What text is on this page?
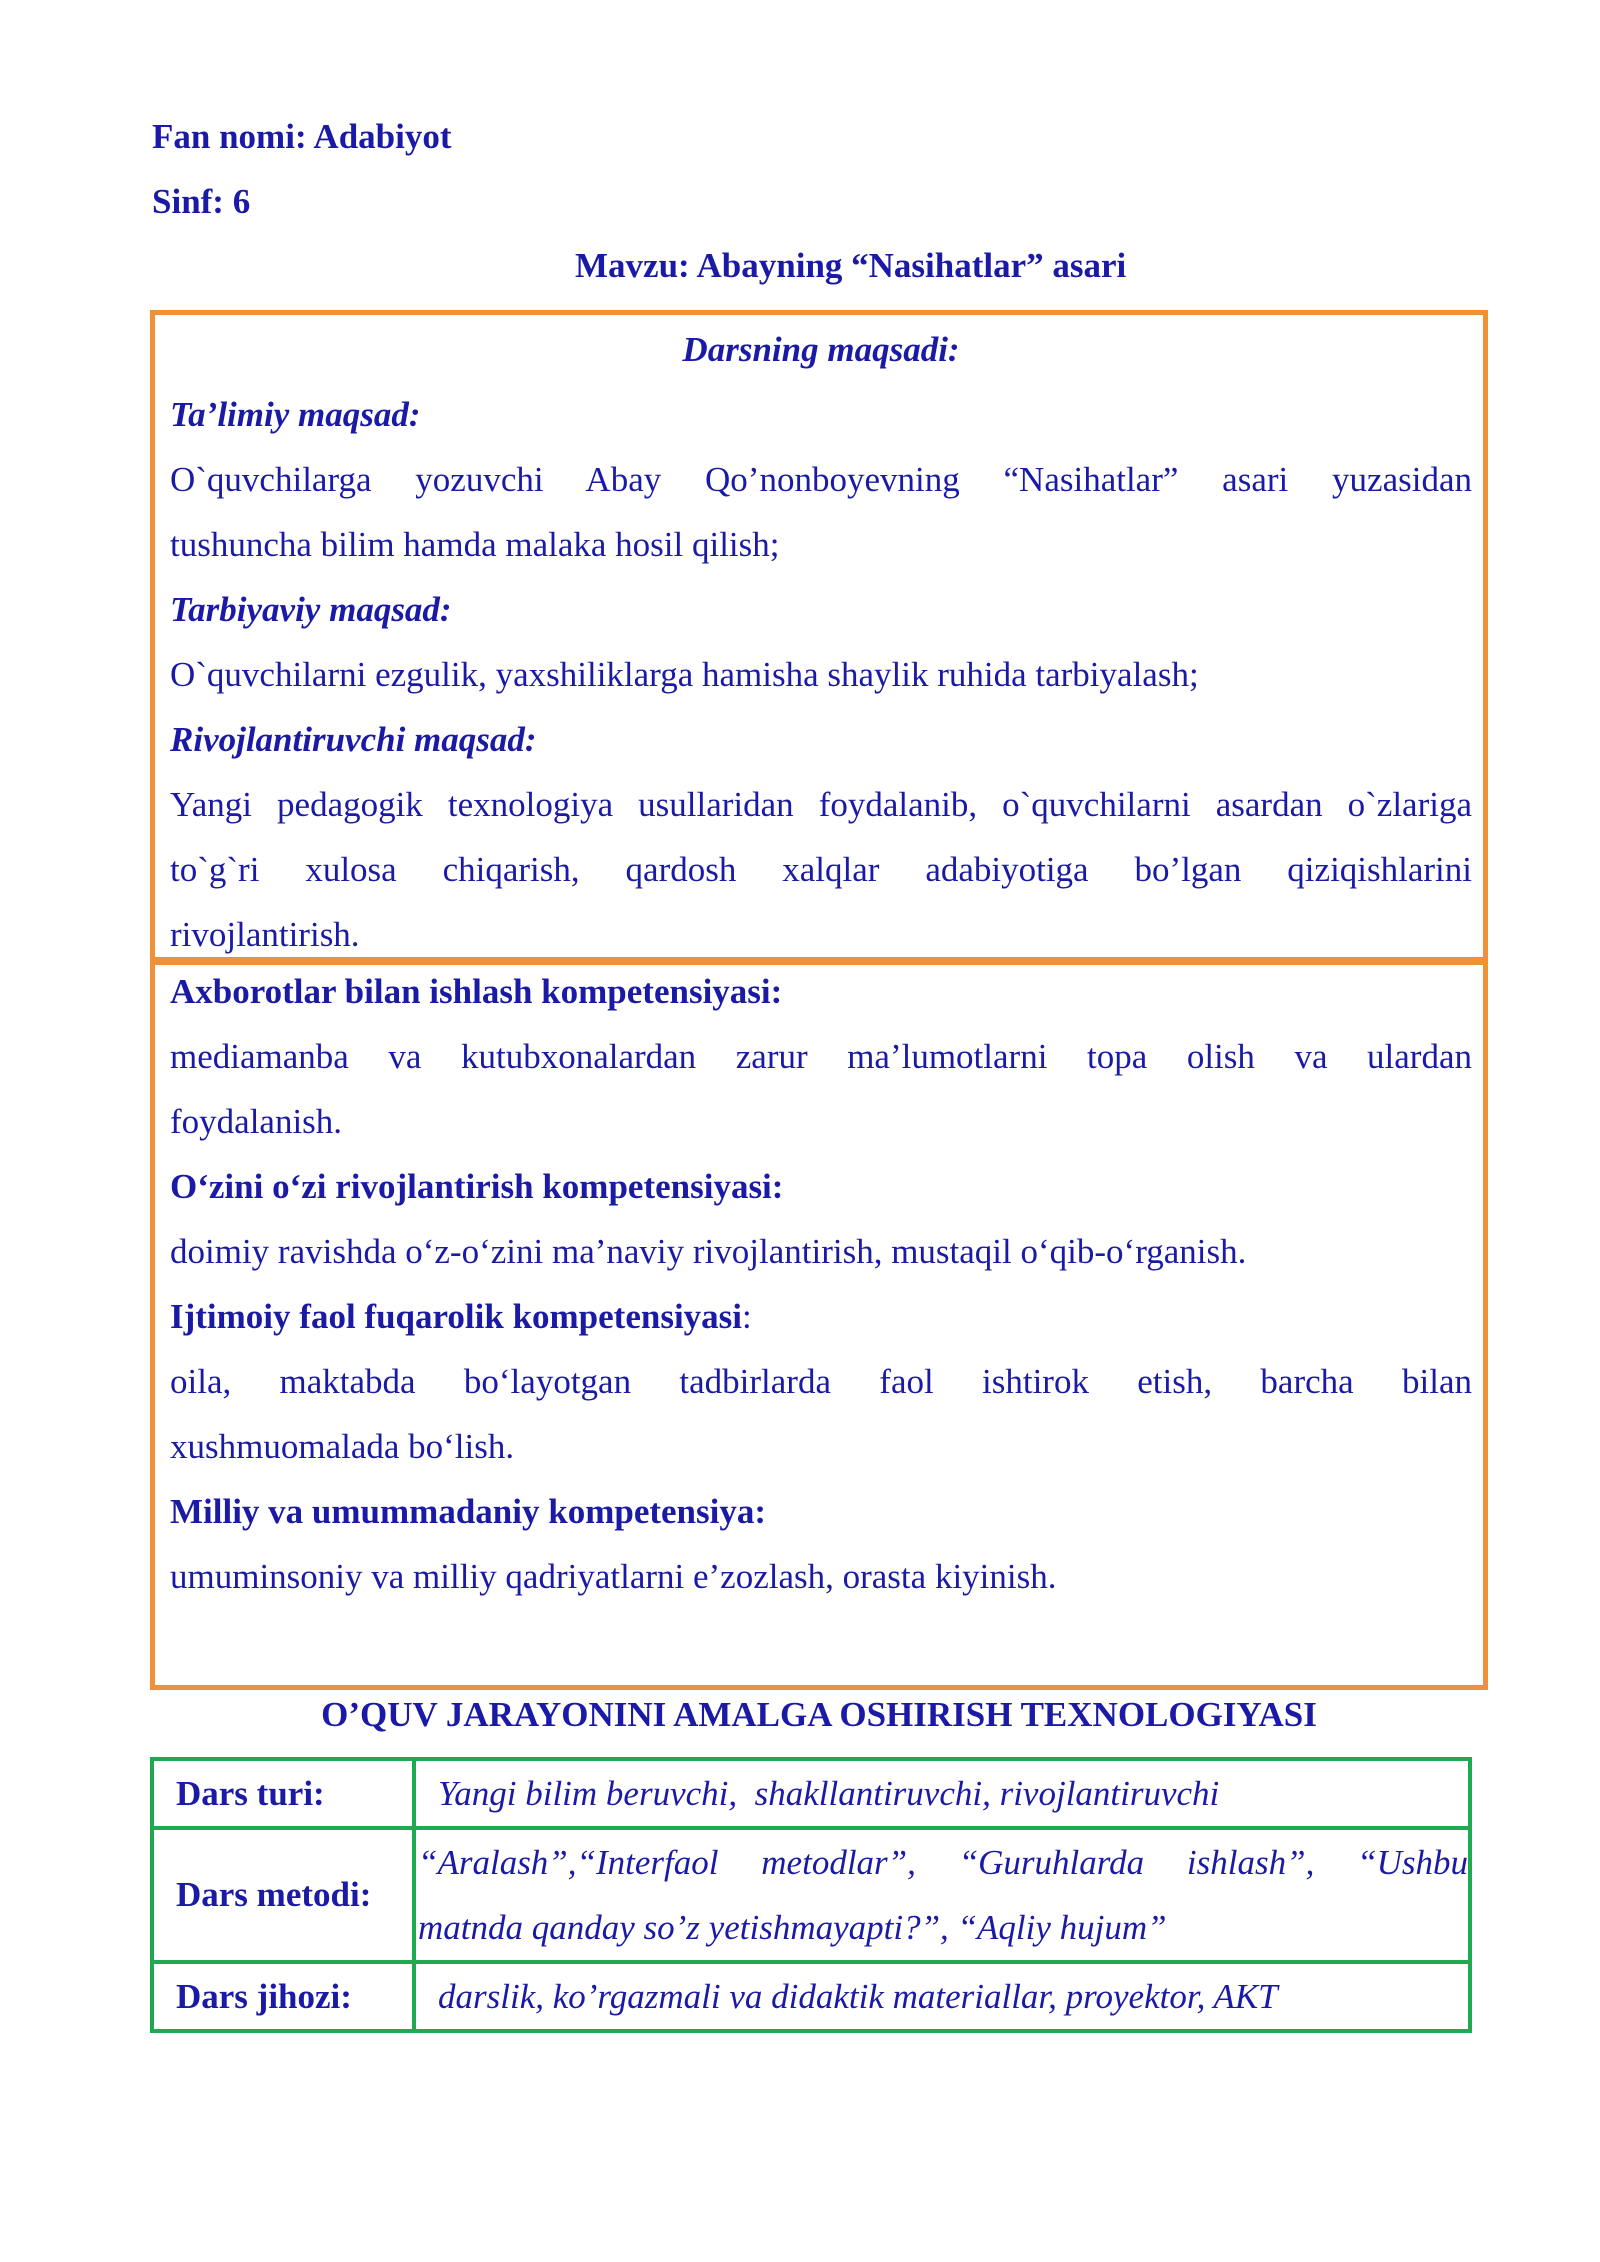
Fan nomi: Adabiyot
Sinf: 6
Mavzu: Abayning “Nasihatlar” asari
Darsning maqsadi:
Ta’limiy maqsad:
O`quvchilarga yozuvchi Abay Qo’nonboyevning “Nasihatlar” asari yuzasidan
tushuncha bilim hamda malaka hosil qilish;
Tarbiyaviy maqsad:
O`quvchilarni ezgulik, yaxshiliklarga hamisha shaylik ruhida tarbiyalash;
Rivojlantiruvchi maqsad:
Yangi pedagogik texnologiya usullaridan foydalanib, o`quvchilarni asardan o`zlariga
to`g`ri xulosa chiqarish, qardosh xalqlar adabiyotiga bo’lgan qiziqishlarini
rivojlantirish.
Axborotlar bilan ishlash kompetensiyasi:
mediamanba va kutubxonalardan zarur ma’lumotlarni topa olish va ulardan
foydalanish.
O‘zini o‘zi rivojlantirish kompetensiyasi:
doimiy ravishda o‘z-o‘zini ma’naviy rivojlantirish, mustaqil o‘qib-o‘rganish.
Ijtimoiy faol fuqarolik kompetensiyasi:
oila, maktabda bo‘layotgan tadbirlarda faol ishtirok etish, barcha bilan
xushmuomalada bo‘lish.
Milliy va umummadaniy kompetensiya:
umuminsoniy va milliy qadriyatlarni e’zozlash, orasta kiyinish.
O’QUV JARAYONINI AMALGA OSHIRISH TEXNOLOGIYASI
Dars turi:	Yangi bilim beruvchi,  shakllantiruvchi, rivojlantiruvchi

Dars metodi:	“Aralash”,“Interfaol metodlar”, “Guruhlarda ishlash”, “Ushbu
matnda qanday so’z yetishmayapti?”, “Aqliy hujum”

Dars jihozi:	darslik, ko’rgazmali va didaktik materiallar, proyektor, AKT
